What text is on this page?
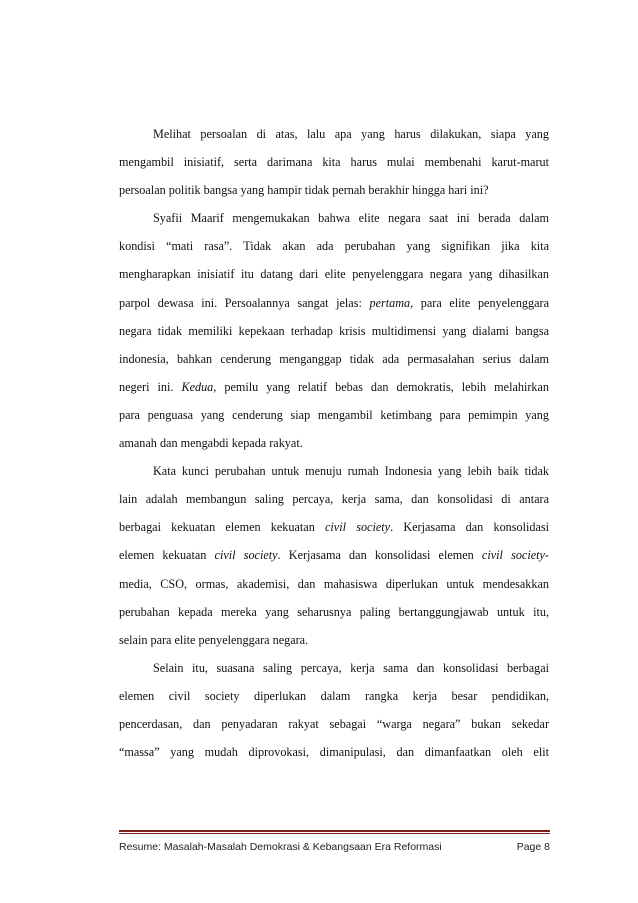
Melihat persoalan di atas, lalu apa yang harus dilakukan, siapa yang
mengambil inisiatif, serta darimana kita harus mulai membenahi karut-marut
persoalan politik bangsa yang hampir tidak pernah berakhir hingga hari ini?
Syafii Maarif mengemukakan bahwa elite negara saat ini berada dalam
kondisi “mati rasa”. Tidak akan ada perubahan yang signifikan jika kita
mengharapkan inisiatif itu datang dari elite penyelenggara negara yang dihasilkan
parpol dewasa ini. Persoalannya sangat jelas: pertama, para elite penyelenggara
negara tidak memiliki kepekaan terhadap krisis multidimensi yang dialami bangsa
indonesia, bahkan cenderung menganggap tidak ada permasalahan serius dalam
negeri ini. Kedua, pemilu yang relatif bebas dan demokratis, lebih melahirkan
para penguasa yang cenderung siap mengambil ketimbang para pemimpin yang
amanah dan mengabdi kepada rakyat.
Kata kunci perubahan untuk menuju rumah Indonesia yang lebih baik tidak
lain adalah membangun saling percaya, kerja sama, dan konsolidasi di antara
berbagai kekuatan elemen kekuatan civil society. Kerjasama dan konsolidasi
elemen kekuatan civil society. Kerjasama dan konsolidasi elemen civil society-
media, CSO, ormas, akademisi, dan mahasiswa diperlukan untuk mendesakkan
perubahan kepada mereka yang seharusnya paling bertanggungjawab untuk itu,
selain para elite penyelenggara negara.
Selain itu, suasana saling percaya, kerja sama dan konsolidasi berbagai
elemen civil society diperlukan dalam rangka kerja besar pendidikan,
pencerdasan, dan penyadaran rakyat sebagai “warga negara” bukan sekedar
“massa” yang mudah diprovokasi, dimanipulasi, dan dimanfaatkan oleh elit
Resume: Masalah-Masalah Demokrasi & Kebangsaan Era Reformasi	Page 8
